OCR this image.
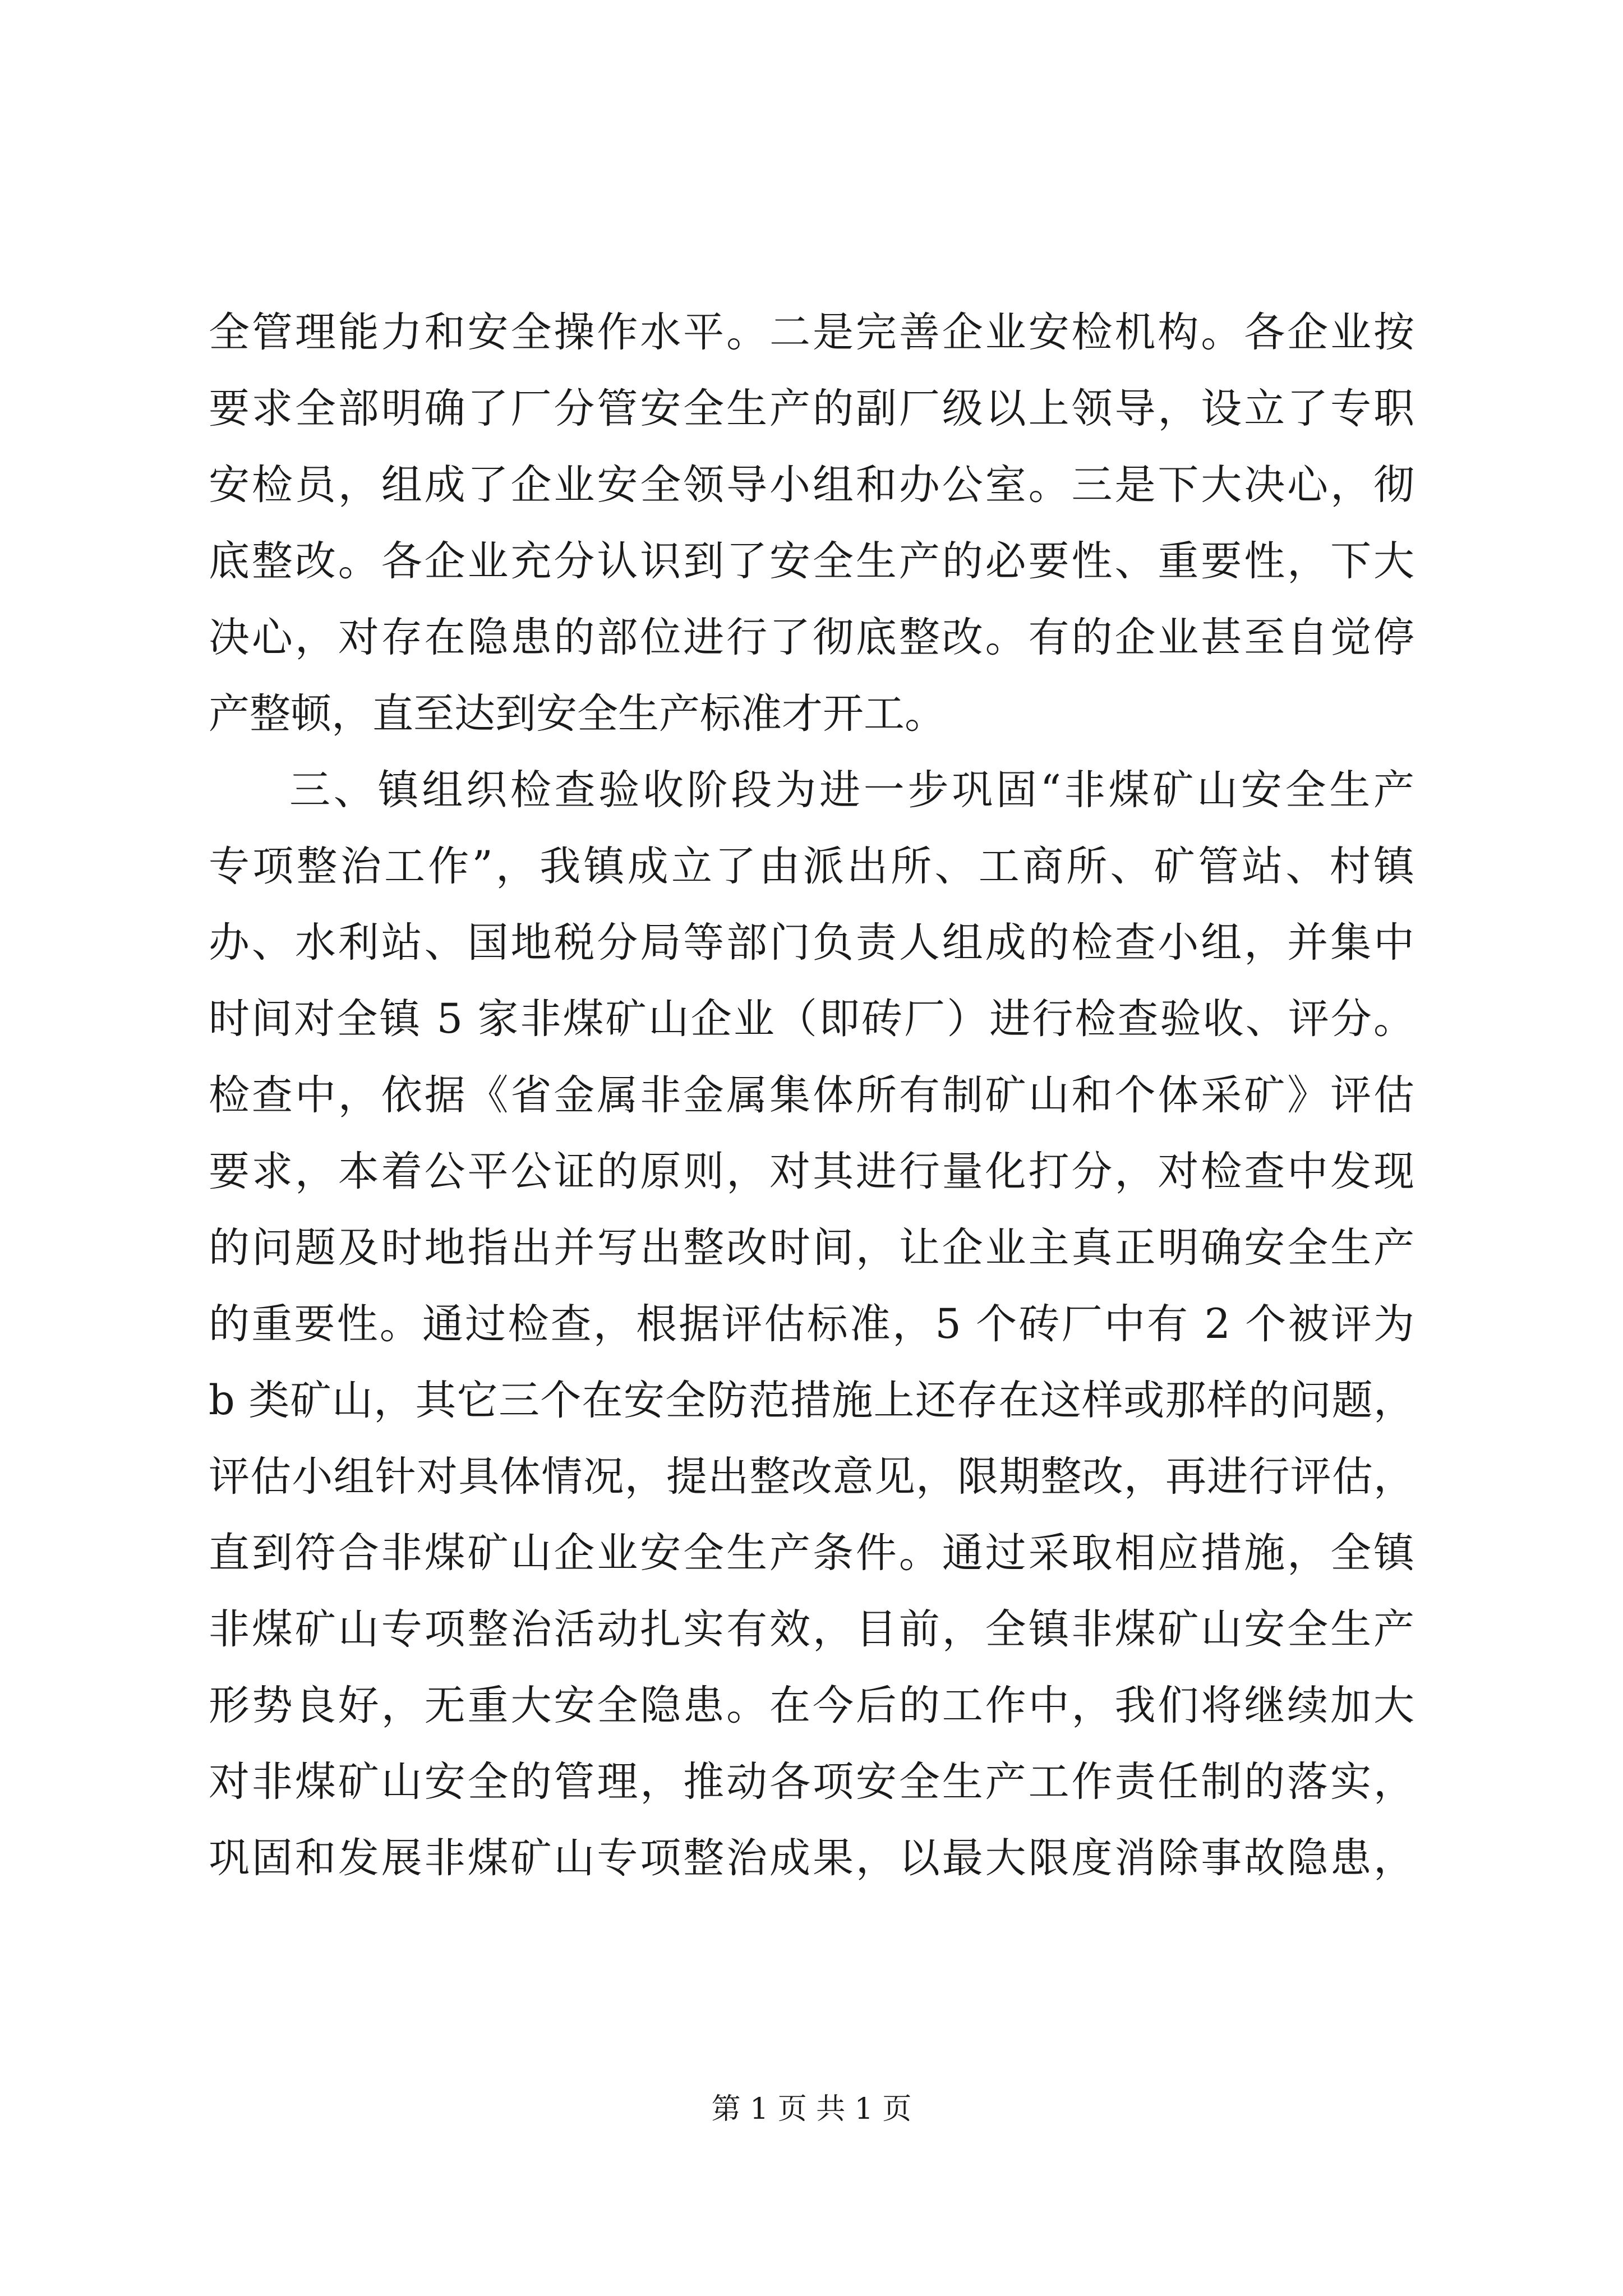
全管理能力和安全操作水平。二是完善企业安检机构。各企业按
要求全部明确了厂分管安全生产的副厂级以上领导，设立了专职
安检员，组成了企业安全领导小组和办公室。三是下大决心，彻
底整改。各企业充分认识到了安全生产的必要性、重要性，下大
决心，对存在隐患的部位进行了彻底整改。有的企业甚至自觉停
产整顿，直至达到安全生产标准才开工。
三、镇组织检查验收阶段为进一步巩固“非煤矿山安全生产
专项整治工作”，我镇成立了由派出所、工商所、矿管站、村镇
办、水利站、国地税分局等部门负责人组成的检查小组，并集中
时间对全镇 5 家非煤矿山企业（即砖厂）进行检查验收、评分。
检查中，依据《省金属非金属集体所有制矿山和个体采矿》评估
要求，本着公平公证的原则，对其进行量化打分，对检查中发现
的问题及时地指出并写出整改时间，让企业主真正明确安全生产
的重要性。通过检查，根据评估标准，5 个砖厂中有 2 个被评为
b 类矿山，其它三个在安全防范措施上还存在这样或那样的问题，
评估小组针对具体情况，提出整改意见，限期整改，再进行评估，
直到符合非煤矿山企业安全生产条件。通过采取相应措施，全镇
非煤矿山专项整治活动扎实有效，目前，全镇非煤矿山安全生产
形势良好，无重大安全隐患。在今后的工作中，我们将继续加大
对非煤矿山安全的管理，推动各项安全生产工作责任制的落实，
巩固和发展非煤矿山专项整治成果，以最大限度消除事故隐患，
第 1 页 共 1 页
